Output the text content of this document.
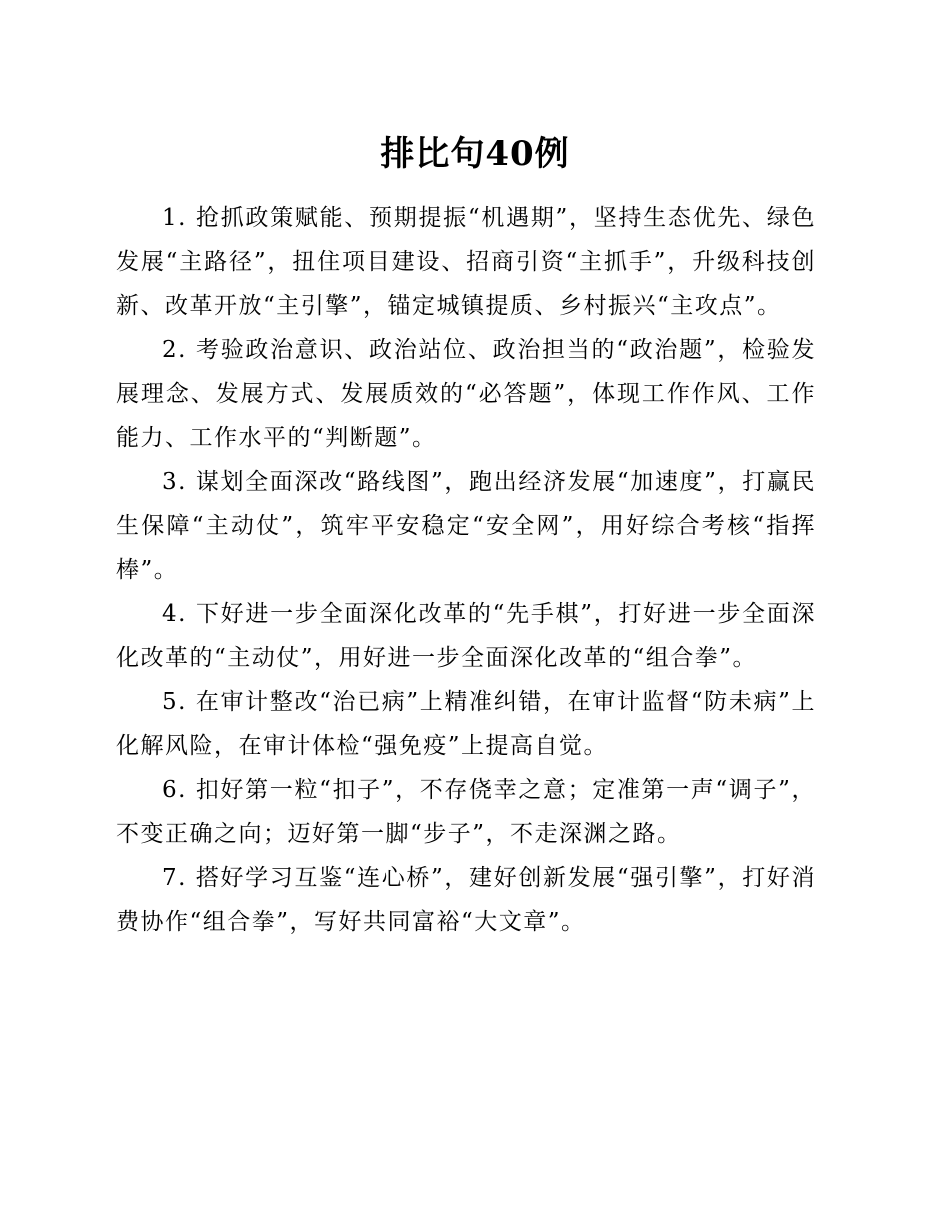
排比句40例

1. 抢抓政策赋能、预期提振“机遇期”，坚持生态优先、绿色发展“主路径”，扭住项目建设、招商引资“主抓手”，升级科技创新、改革开放“主引擎”，锚定城镇提质、乡村振兴“主攻点”。

2. 考验政治意识、政治站位、政治担当的“政治题”，检验发展理念、发展方式、发展质效的“必答题”，体现工作作风、工作能力、工作水平的“判断题”。

3. 谋划全面深改“路线图”，跑出经济发展“加速度”，打赢民生保障“主动仗”，筑牢平安稳定“安全网”，用好综合考核“指挥棒”。

4. 下好进一步全面深化改革的“先手棋”，打好进一步全面深化改革的“主动仗”，用好进一步全面深化改革的“组合拳”。

5. 在审计整改“治已病”上精准纠错，在审计监督“防未病”上化解风险，在审计体检“强免疫”上提高自觉。

6. 扣好第一粒“扣子”，不存侥幸之意；定准第一声“调子”，不变正确之向；迈好第一脚“步子”，不走深渊之路。

7. 搭好学习互鉴“连心桥”，建好创新发展“强引擎”，打好消费协作“组合拳”，写好共同富裕“大文章”。
